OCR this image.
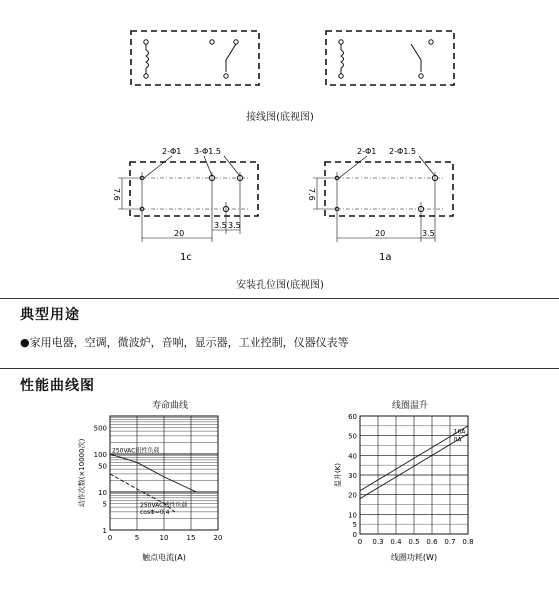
接线图(底视图)
2-Φ1 3-Φ1.5
7.6
20
3.5 3.5
1c
2-Φ1 2-Φ1.5
7.6
20	3.5
1a
安装孔位图(底视图)
典型用途
●家用电器，空调，微波炉，音响，显示器，工业控制，仪器仪表等
性能曲线图
寿命曲线
0	5	10	15	20
500
100
50
10
5
1
250VAC阻性负载
250VAC感性负载
cosΦ=0.4
触点电流(A)
动作次数(×10000次)
线圈温升
0 0.3 0.4 0.5 0.6 0.7 0.8
0
5
10
20
30
40
50
60
16A
0A
线圈功耗(W)
温升(K)
